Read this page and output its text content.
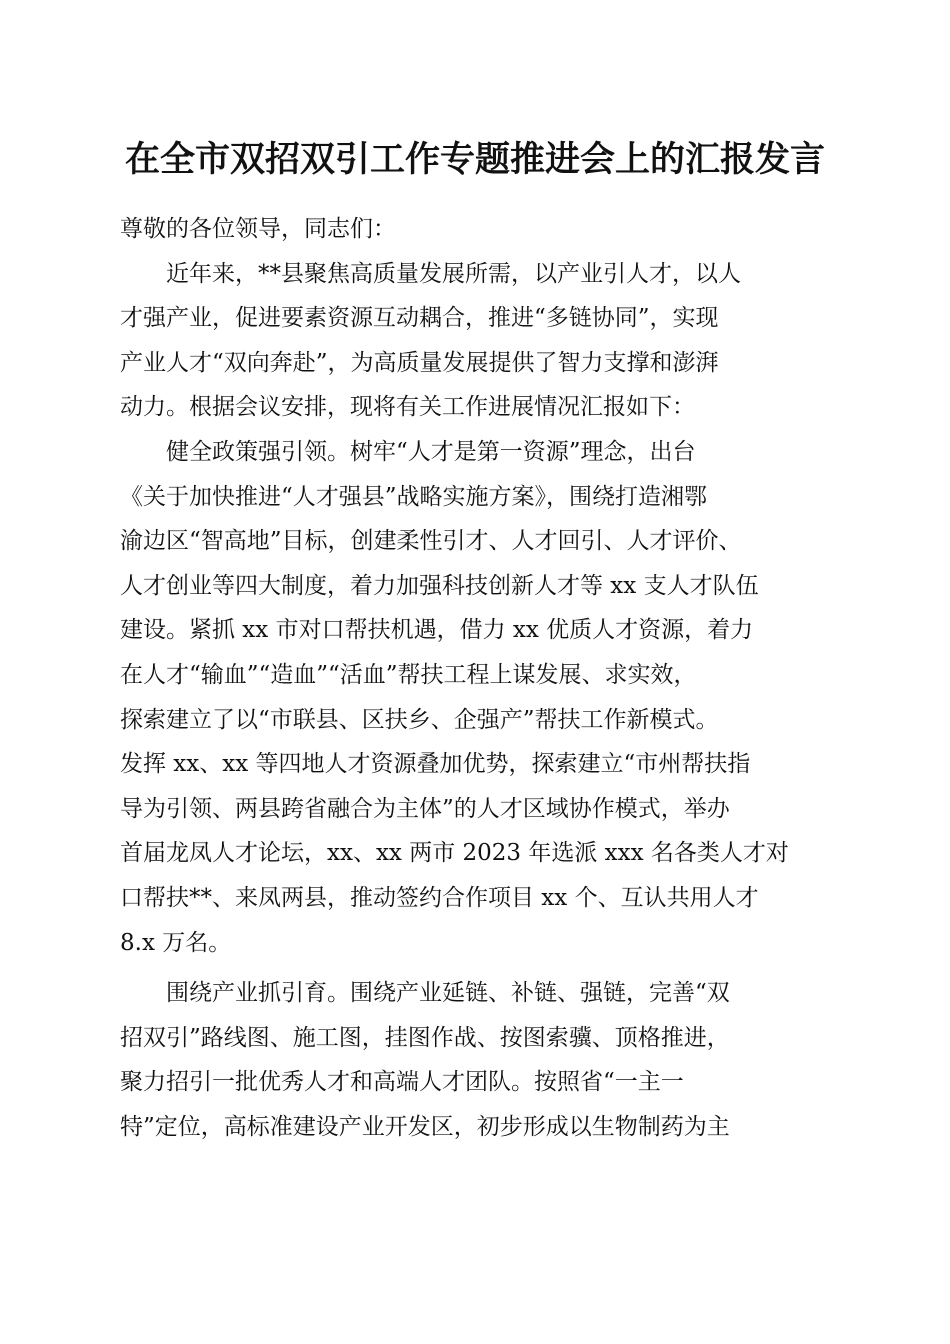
在全市双招双引工作专题推进会上的汇报发言
尊敬的各位领导，同志们：
　　近年来，**县聚焦高质量发展所需，以产业引人才，以人
才强产业，促进要素资源互动耦合，推进“多链协同”，实现
产业人才“双向奔赴”，为高质量发展提供了智力支撑和澎湃
动力。根据会议安排，现将有关工作进展情况汇报如下：
　　健全政策强引领。树牢“人才是第一资源”理念，出台
《关于加快推进“人才强县”战略实施方案》，围绕打造湘鄂
渝边区“智高地”目标，创建柔性引才、人才回引、人才评价、
人才创业等四大制度，着力加强科技创新人才等 xx 支人才队伍
建设。紧抓 xx 市对口帮扶机遇，借力 xx 优质人才资源，着力
在人才“输血”“造血”“活血”帮扶工程上谋发展、求实效，
探索建立了以“市联县、区扶乡、企强产”帮扶工作新模式。
发挥 xx、xx 等四地人才资源叠加优势，探索建立“市州帮扶指
导为引领、两县跨省融合为主体”的人才区域协作模式，举办
首届龙凤人才论坛，xx、xx 两市 2023 年选派 xxx 名各类人才对
口帮扶**、来凤两县，推动签约合作项目 xx 个、互认共用人才
8.x 万名。
　　围绕产业抓引育。围绕产业延链、补链、强链，完善“双
招双引”路线图、施工图，挂图作战、按图索骥、顶格推进，
聚力招引一批优秀人才和高端人才团队。按照省“一主一
特”定位，高标准建设产业开发区，初步形成以生物制药为主
